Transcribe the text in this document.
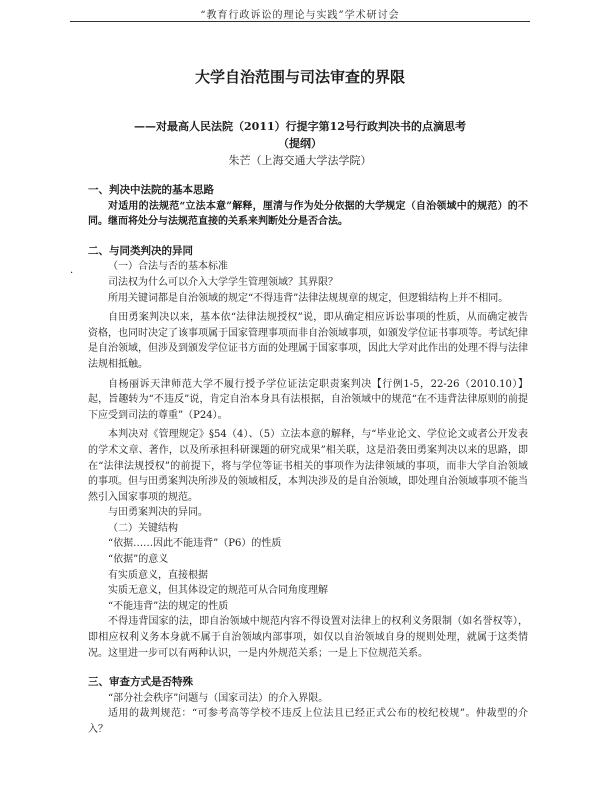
“教育行政诉讼的理论与实践”学术研讨会
大学自治范围与司法审查的界限
——对最高人民法院（2011）行提字第12号行政判决书的点滴思考
（提纲）
朱芒（上海交通大学法学院）
·

一、判决中法院的基本思路

对适用的法规范“立法本意”解释，厘清与作为处分依据的大学规定（自治领域中的规范）的不同。继而将处分与法规范直接的关系来判断处分是否合法。

二、与同类判决的异同

（一）合法与否的基本标准

司法权为什么可以介入大学学生管理领域？其界限？

所用关键词都是自治领域的规定“不得违背”法律法规规章的规定，但逻辑结构上并不相同。

自田勇案判决以来，基本依“法律法规授权”说，即从确定相应诉讼事项的性质，从而确定被告资格，也同时决定了该事项属于国家管理事项而非自治领域事项，如颁发学位证书事项等。考试纪律是自治领域，但涉及到颁发学位证书方面的处理属于国家事项，因此大学对此作出的处理不得与法律法规相抵触。

自杨丽诉天津师范大学不履行授予学位证法定职责案判决【行例1-5，22-26（2010.10）】起，旨趣转为“不违反”说，肯定自治本身具有法根据，自治领域中的规范“在不违背法律原则的前提下应受到司法的尊重”（P24）。

本判决对《管理规定》§54（4）、（5）立法本意的解释，与“毕业论文、学位论文或者公开发表的学术文章、著作，以及所承担科研课题的研究成果”相关联，这是沿袭田勇案判决以来的思路，即在“法律法规授权”的前提下，将与学位等证书相关的事项作为法律领域的事项，而非大学自治领域的事项。但与田勇案判决所涉及的领域相反，本判决涉及的是自治领域，即处理自治领域事项不能当然引入国家事项的规范。

与田勇案判决的异同。

（二）关键结构

“依据……因此不能违背”（P6）的性质

“依据”的意义

有实质意义，直接根据

实质无意义，但其体设定的规范可从合同角度理解

“不能违背”法的规定的性质

不得违背国家的法，即自治领域中规范内容不得设置对法律上的权利义务限制（如名誉权等），即相应权利义务本身就不属于自治领域内部事项，如仅以自治领域自身的规则处理，就属于这类情况。这里进一步可以有两种认识，一是内外规范关系；一是上下位规范关系。

三、审查方式是否特殊

“部分社会秩序”问题与（国家司法）的介入界限。

适用的裁判规范：“可参考高等学校不违反上位法且已经正式公布的校纪校规”。仲裁型的介入？
